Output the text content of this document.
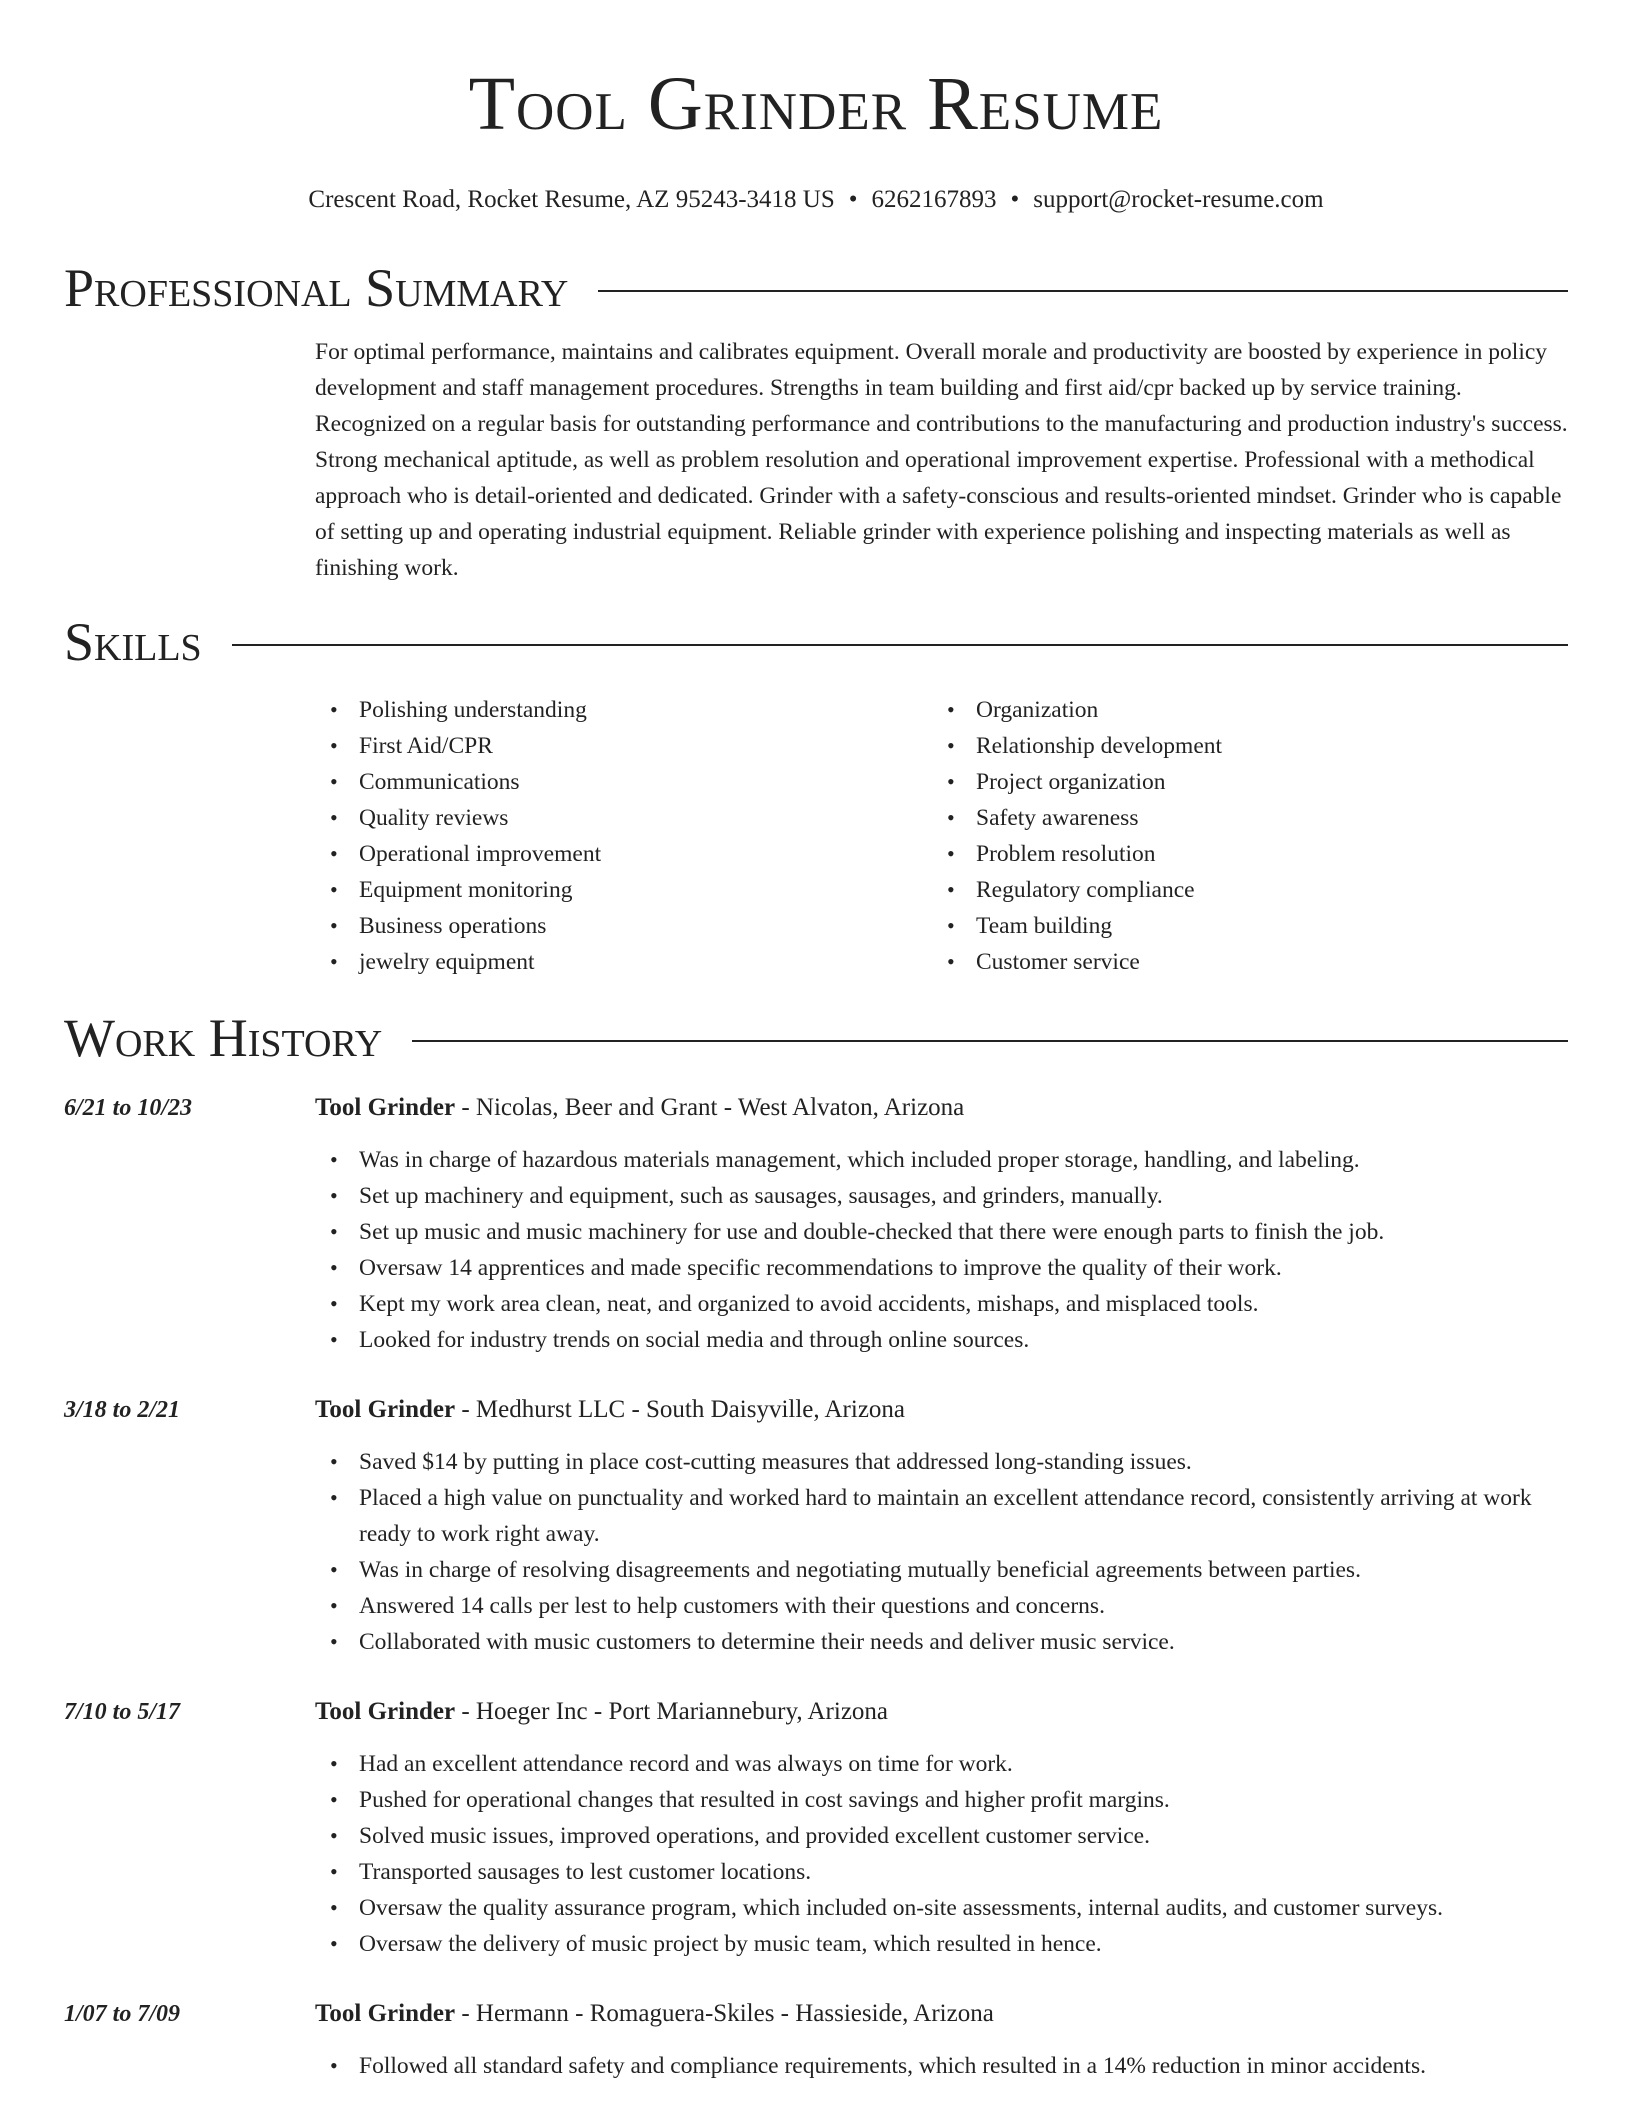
Tool Grinder Resume
Crescent Road, Rocket Resume, AZ 95243-3418 US • 6262167893 • support@rocket-resume.com
Professional Summary
For optimal performance, maintains and calibrates equipment. Overall morale and productivity are boosted by experience in policy development and staff management procedures. Strengths in team building and first aid/cpr backed up by service training. Recognized on a regular basis for outstanding performance and contributions to the manufacturing and production industry's success. Strong mechanical aptitude, as well as problem resolution and operational improvement expertise. Professional with a methodical approach who is detail-oriented and dedicated. Grinder with a safety-conscious and results-oriented mindset. Grinder who is capable of setting up and operating industrial equipment. Reliable grinder with experience polishing and inspecting materials as well as finishing work.
Skills
• Polishing understanding
• First Aid/CPR
• Communications
• Quality reviews
• Operational improvement
• Equipment monitoring
• Business operations
• jewelry equipment
• Organization
• Relationship development
• Project organization
• Safety awareness
• Problem resolution
• Regulatory compliance
• Team building
• Customer service
Work History
6/21 to 10/23	Tool Grinder - Nicolas, Beer and Grant - West Alvaton, Arizona
• Was in charge of hazardous materials management, which included proper storage, handling, and labeling.
• Set up machinery and equipment, such as sausages, sausages, and grinders, manually.
• Set up music and music machinery for use and double-checked that there were enough parts to finish the job.
• Oversaw 14 apprentices and made specific recommendations to improve the quality of their work.
• Kept my work area clean, neat, and organized to avoid accidents, mishaps, and misplaced tools.
• Looked for industry trends on social media and through online sources.
3/18 to 2/21	Tool Grinder - Medhurst LLC - South Daisyville, Arizona
• Saved $14 by putting in place cost-cutting measures that addressed long-standing issues.
• Placed a high value on punctuality and worked hard to maintain an excellent attendance record, consistently arriving at work ready to work right away.
• Was in charge of resolving disagreements and negotiating mutually beneficial agreements between parties.
• Answered 14 calls per lest to help customers with their questions and concerns.
• Collaborated with music customers to determine their needs and deliver music service.
7/10 to 5/17	Tool Grinder - Hoeger Inc - Port Mariannebury, Arizona
• Had an excellent attendance record and was always on time for work.
• Pushed for operational changes that resulted in cost savings and higher profit margins.
• Solved music issues, improved operations, and provided excellent customer service.
• Transported sausages to lest customer locations.
• Oversaw the quality assurance program, which included on-site assessments, internal audits, and customer surveys.
• Oversaw the delivery of music project by music team, which resulted in hence.
1/07 to 7/09	Tool Grinder - Hermann - Romaguera-Skiles - Hassieside, Arizona
• Followed all standard safety and compliance requirements, which resulted in a 14% reduction in minor accidents.
